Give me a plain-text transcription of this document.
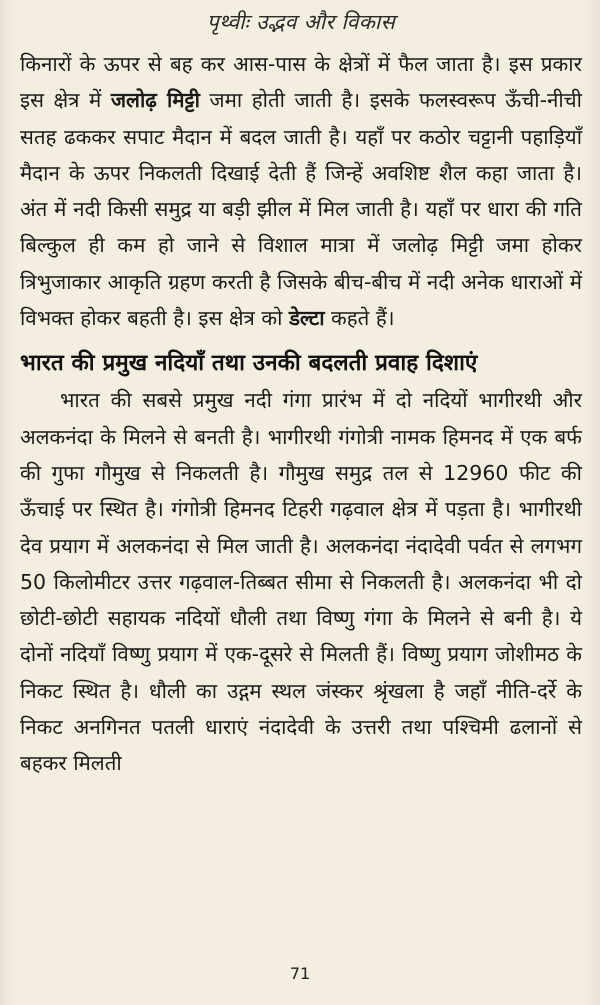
पृथ्वीः उद्भव और विकास

किनारों के ऊपर से बह कर आस-पास के क्षेत्रों में फैल जाता है। इस प्रकार इस क्षेत्र में जलोढ़ मिट्टी जमा होती जाती है। इसके फलस्वरूप ऊँची-नीची सतह ढककर सपाट मैदान में बदल जाती है। यहाँ पर कठोर चट्टानी पहाड़ियाँ मैदान के ऊपर निकलती दिखाई देती हैं जिन्हें अवशिष्ट शैल कहा जाता है। अंत में नदी किसी समुद्र या बड़ी झील में मिल जाती है। यहाँ पर धारा की गति बिल्कुल ही कम हो जाने से विशाल मात्रा में जलोढ़ मिट्टी जमा होकर त्रिभुजाकार आकृति ग्रहण करती है जिसके बीच-बीच में नदी अनेक धाराओं में विभक्त होकर बहती है। इस क्षेत्र को डेल्टा कहते हैं।

भारत की प्रमुख नदियाँ तथा उनकी बदलती प्रवाह दिशाएं

भारत की सबसे प्रमुख नदी गंगा प्रारंभ में दो नदियों भागीरथी और अलकनंदा के मिलने से बनती है। भागीरथी गंगोत्री नामक हिमनद में एक बर्फ की गुफा गौमुख से निकलती है। गौमुख समुद्र तल से 12960 फीट की ऊँचाई पर स्थित है। गंगोत्री हिमनद टिहरी गढ़वाल क्षेत्र में पड़ता है। भागीरथी देव प्रयाग में अलकनंदा से मिल जाती है। अलकनंदा नंदादेवी पर्वत से लगभग 50 किलोमीटर उत्तर गढ़वाल-तिब्बत सीमा से निकलती है। अलकनंदा भी दो छोटी-छोटी सहायक नदियों धौली तथा विष्णु गंगा के मिलने से बनी है। ये दोनों नदियाँ विष्णु प्रयाग में एक-दूसरे से मिलती हैं। विष्णु प्रयाग जोशीमठ के निकट स्थित है। धौली का उद्गम स्थल जंस्कर श्रृंखला है जहाँ नीति-दर्रे के निकट अनगिनत पतली धाराएं नंदादेवी के उत्तरी तथा पश्चिमी ढलानों से बहकर मिलती

71
